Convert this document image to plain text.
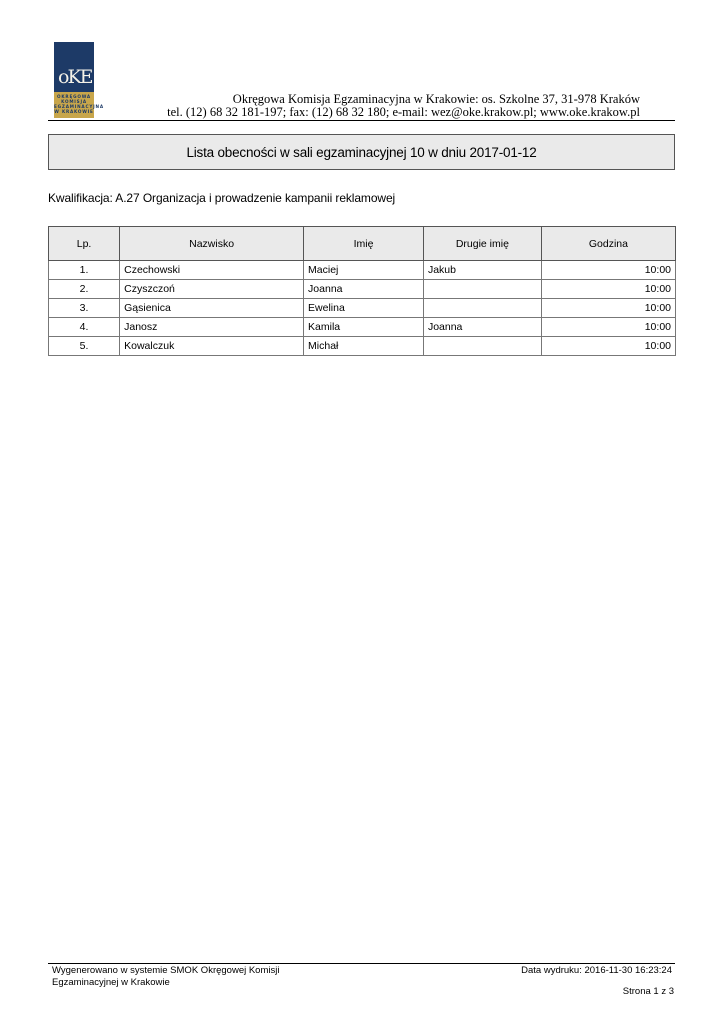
oKE
OKRĘGOWA
KOMISJA
EGZAMINACYJNA
W KRAKOWIE
Okręgowa Komisja Egzaminacyjna w Krakowie: os. Szkolne 37, 31-978 Kraków
tel. (12) 68 32 181-197; fax: (12) 68 32 180; e-mail: wez@oke.krakow.pl; www.oke.krakow.pl
Lista obecności w sali egzaminacyjnej 10 w dniu 2017-01-12
Kwalifikacja: A.27 Organizacja i prowadzenie kampanii reklamowej
Lp.	Nazwisko	Imię	Drugie imię	Godzina
1.	Czechowski	Maciej	Jakub	10:00
2.	Czyszczoń	Joanna		10:00
3.	Gąsienica	Ewelina		10:00
4.	Janosz	Kamila	Joanna	10:00
5.	Kowalczuk	Michał		10:00
Wygenerowano w systemie SMOK Okręgowej Komisji
Egzaminacyjnej w Krakowie
Data wydruku: 2016-11-30 16:23:24
Strona 1 z 3
